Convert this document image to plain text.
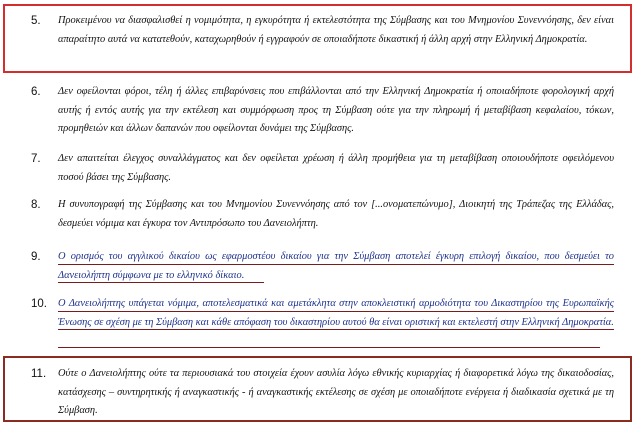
5. Προκειμένου να διασφαλισθεί η νομιμότητα, η εγκυρότητα ή εκτελεστότητα της Σύμβασης και του Μνημονίου Συνεννόησης, δεν είναι απαραίτητο αυτά να κατατεθούν, καταχωρηθούν ή εγγραφούν σε οποιαδήποτε δικαστική ή άλλη αρχή στην Ελληνική Δημοκρατία.
6. Δεν οφείλονται φόροι, τέλη ή άλλες επιβαρύνσεις που επιβάλλονται από την Ελληνική Δημοκρατία ή οποιαδήποτε φορολογική αρχή αυτής ή εντός αυτής για την εκτέλεση και συμμόρφωση προς τη Σύμβαση ούτε για την πληρωμή ή μεταβίβαση κεφαλαίου, τόκων, προμηθειών και άλλων δαπανών που οφείλονται δυνάμει της Σύμβασης.
7. Δεν απαιτείται έλεγχος συναλλάγματος και δεν οφείλεται χρέωση ή άλλη προμήθεια για τη μεταβίβαση οποιουδήποτε οφειλόμενου ποσού βάσει της Σύμβασης.
8. Η συνυπογραφή της Σύμβασης και του Μνημονίου Συνεννόησης από τον [...ονοματεπώνυμο], Διοικητή της Τράπεζας της Ελλάδας, δεσμεύει νόμιμα και έγκυρα τον Αντιπρόσωπο του Δανειολήπτη.
9. Ο ορισμός του αγγλικού δικαίου ως εφαρμοστέου δικαίου για την Σύμβαση αποτελεί έγκυρη επιλογή δικαίου, που δεσμεύει το Δανειολήπτη σύμφωνα με το ελληνικό δίκαιο.
10. Ο Δανειολήπτης υπάγεται νόμιμα, αποτελεσματικά και αμετάκλητα στην αποκλειστική αρμοδιότητα του Δικαστηρίου της Ευρωπαϊκής Ένωσης σε σχέση με τη Σύμβαση και κάθε απόφαση του δικαστηρίου αυτού θα είναι οριστική και εκτελεστή στην Ελληνική Δημοκρατία.
11. Ούτε ο Δανειολήπτης ούτε τα περιουσιακά του στοιχεία έχουν ασυλία λόγω εθνικής κυριαρχίας ή διαφορετικά λόγω της δικαιοδοσίας, κατάσχεσης – συντηρητικής ή αναγκαστικής - ή αναγκαστικής εκτέλεσης σε σχέση με οποιαδήποτε ενέργεια ή διαδικασία σχετικά με τη Σύμβαση.
